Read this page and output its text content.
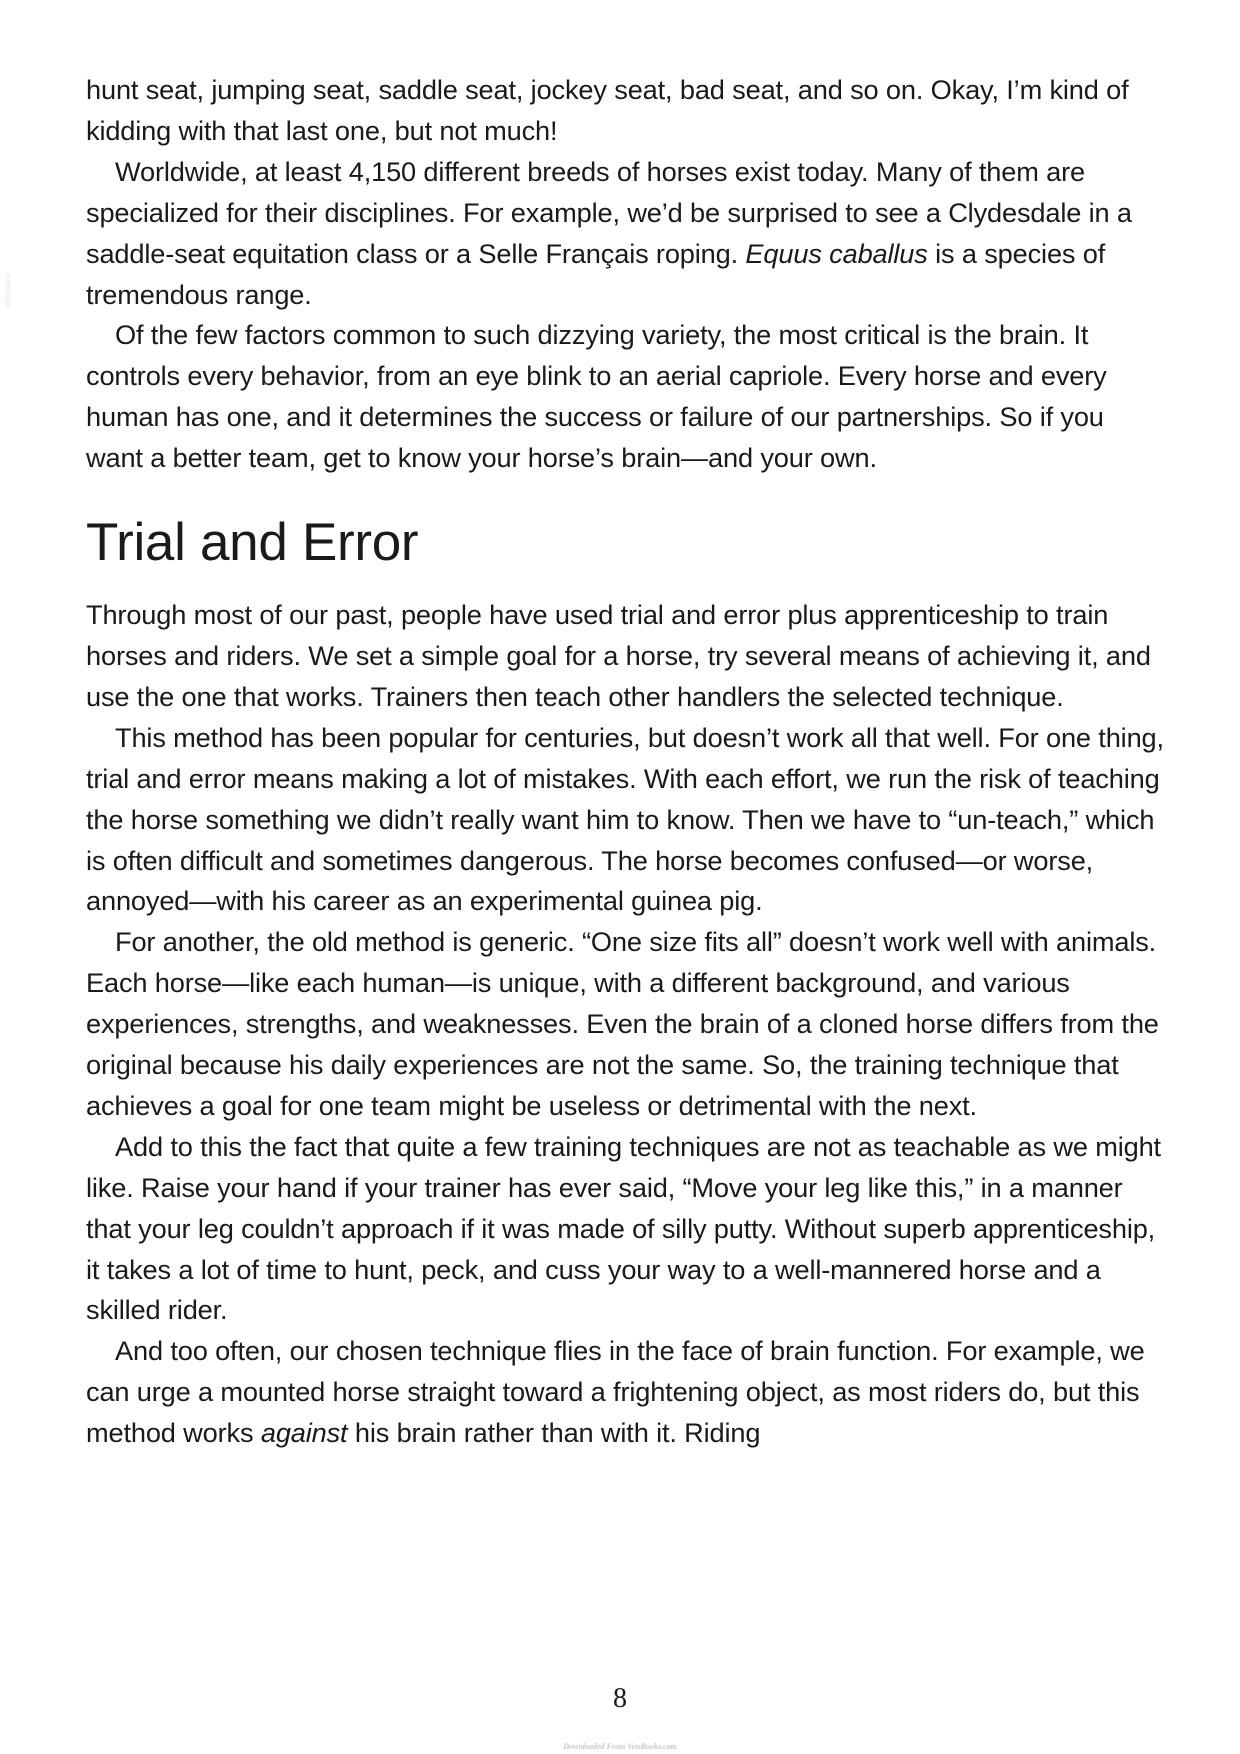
Vetbooks.ir

hunt seat, jumping seat, saddle seat, jockey seat, bad seat, and so on. Okay, I’m kind of kidding with that last one, but not much!

Worldwide, at least 4,150 different breeds of horses exist today. Many of them are specialized for their disciplines. For example, we’d be surprised to see a Clydesdale in a saddle-seat equitation class or a Selle Français roping. Equus caballus is a species of tremendous range.

Of the few factors common to such dizzying variety, the most critical is the brain. It controls every behavior, from an eye blink to an aerial capriole. Every horse and every human has one, and it determines the success or failure of our partnerships. So if you want a better team, get to know your horse’s brain—and your own.

Trial and Error

Through most of our past, people have used trial and error plus apprenticeship to train horses and riders. We set a simple goal for a horse, try several means of achieving it, and use the one that works. Trainers then teach other handlers the selected technique.

This method has been popular for centuries, but doesn’t work all that well. For one thing, trial and error means making a lot of mistakes. With each effort, we run the risk of teaching the horse something we didn’t really want him to know. Then we have to “un-teach,” which is often difficult and sometimes dangerous. The horse becomes confused—or worse, annoyed—with his career as an experimental guinea pig.

For another, the old method is generic. “One size fits all” doesn’t work well with animals. Each horse—like each human—is unique, with a different background, and various experiences, strengths, and weaknesses. Even the brain of a cloned horse differs from the original because his daily experiences are not the same. So, the training technique that achieves a goal for one team might be useless or detrimental with the next.

Add to this the fact that quite a few training techniques are not as teachable as we might like. Raise your hand if your trainer has ever said, “Move your leg like this,” in a manner that your leg couldn’t approach if it was made of silly putty. Without superb apprenticeship, it takes a lot of time to hunt, peck, and cuss your way to a well-mannered horse and a skilled rider.

And too often, our chosen technique flies in the face of brain function. For example, we can urge a mounted horse straight toward a frightening object, as most riders do, but this method works against his brain rather than with it. Riding

8
Downloaded From VetsBooks.com
